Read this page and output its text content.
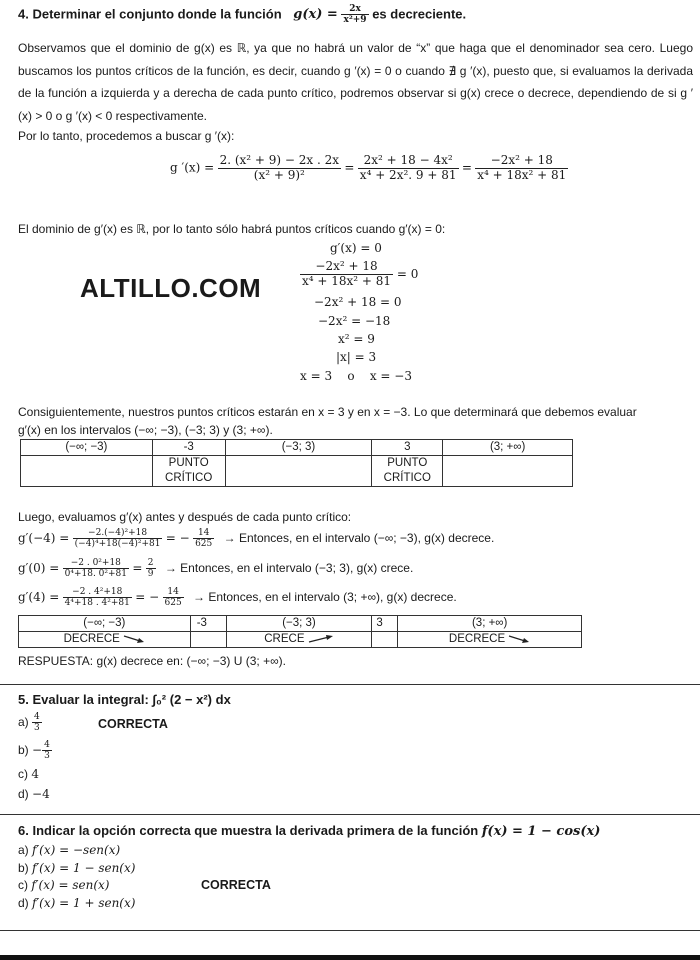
4. Determinar el conjunto donde la función $g(x) = \frac{2x}{\text{x²+9}}$ es decreciente.
Observamos que el dominio de g(x) es ℝ, ya que no habrá un valor de “x” que haga que el denominador sea cero. Luego buscamos los puntos críticos de la función, es decir, cuando g ′(x) = 0 o cuando ∄ g ′(x), puesto que, si evaluamos la derivada de la función a izquierda y a derecha de cada punto crítico, podremos observar si g(x) crece o decrece, dependiendo de si g ′(x) > 0 o g ′(x) < 0 respectivamente.
Por lo tanto, procedemos a buscar g ′(x):
g $'(x) = \frac{\text{2. (x² + 9) − 2x . 2x}}{\text{(x² + 9)²}} = \frac{\text{2x² + 18 − 4x²}}{\text{x⁴ + 2x². 9 + 81}} = \frac{\text{−2x² + 18}}{\text{x⁴ + 18x² + 81}}$
El dominio de g′(x) es ℝ, por lo tanto sólo habrá puntos críticos cuando g′(x) = 0:
g′(x) = 0
$\frac{\text{−2x² + 18}}{\text{x⁴ + 18x² + 81}} = 0$
−2x² + 18 = 0
−2x² = −18
x² = 9
|x| = 3
x = 3    o    x = −3
ALTILLO.COM
Consiguientemente, nuestros puntos críticos estarán en x = 3 y en x = −3. Lo que determinará que debemos evaluar
g′(x) en los intervalos (−∞; −3), (−3; 3) y (3; +∞).
(−∞; −3)	-3	(−3; 3)	3	(3; +∞)
	PUNTO		PUNTO	
	CRÍTICO		CRÍTICO	
Luego, evaluamos g′(x) antes y después de cada punto crítico:
$g'(-4) = \frac{\text{−2.(−4)²+18}}{\text{(−4)⁴+18(−4)²+81}}$ = − $\frac{14}{625}$ → Entonces, en el intervalo (−∞; −3), g(x) decrece.
$g'(0) = \frac{\text{−2 . 0²+18}}{\text{0⁴+18. 0²+81}} = \frac{2}{9}$ → Entonces, en el intervalo (−3; 3), g(x) crece.
$g'(4) = \frac{\text{−2 . 4²+18}}{\text{4⁴+18 . 4²+81}}$ = − $\frac{14}{625}$ → Entonces, en el intervalo (3; +∞), g(x) decrece.
(−∞; −3)	-3	(−3; 3)	3	(3; +∞)
DECRECE		CRECE		DECRECE
RESPUESTA: g(x) decrece en: (−∞; −3) U (3; +∞).
5. Evaluar la integral: ∫₀² (2 − x²) dx
$a) \frac{4}{3}$	CORRECTA
$b) - \frac{4}{3}$
c) 4
d) −4
6. Indicar la opción correcta que muestra la derivada primera de la función f(x) = 1 − cos(x)
a) f′(x) = −sen(x)
b) f′(x) = 1 − sen(x)
c) f′(x) = sen(x)	CORRECTA
d) f′(x) = 1 + sen(x)
